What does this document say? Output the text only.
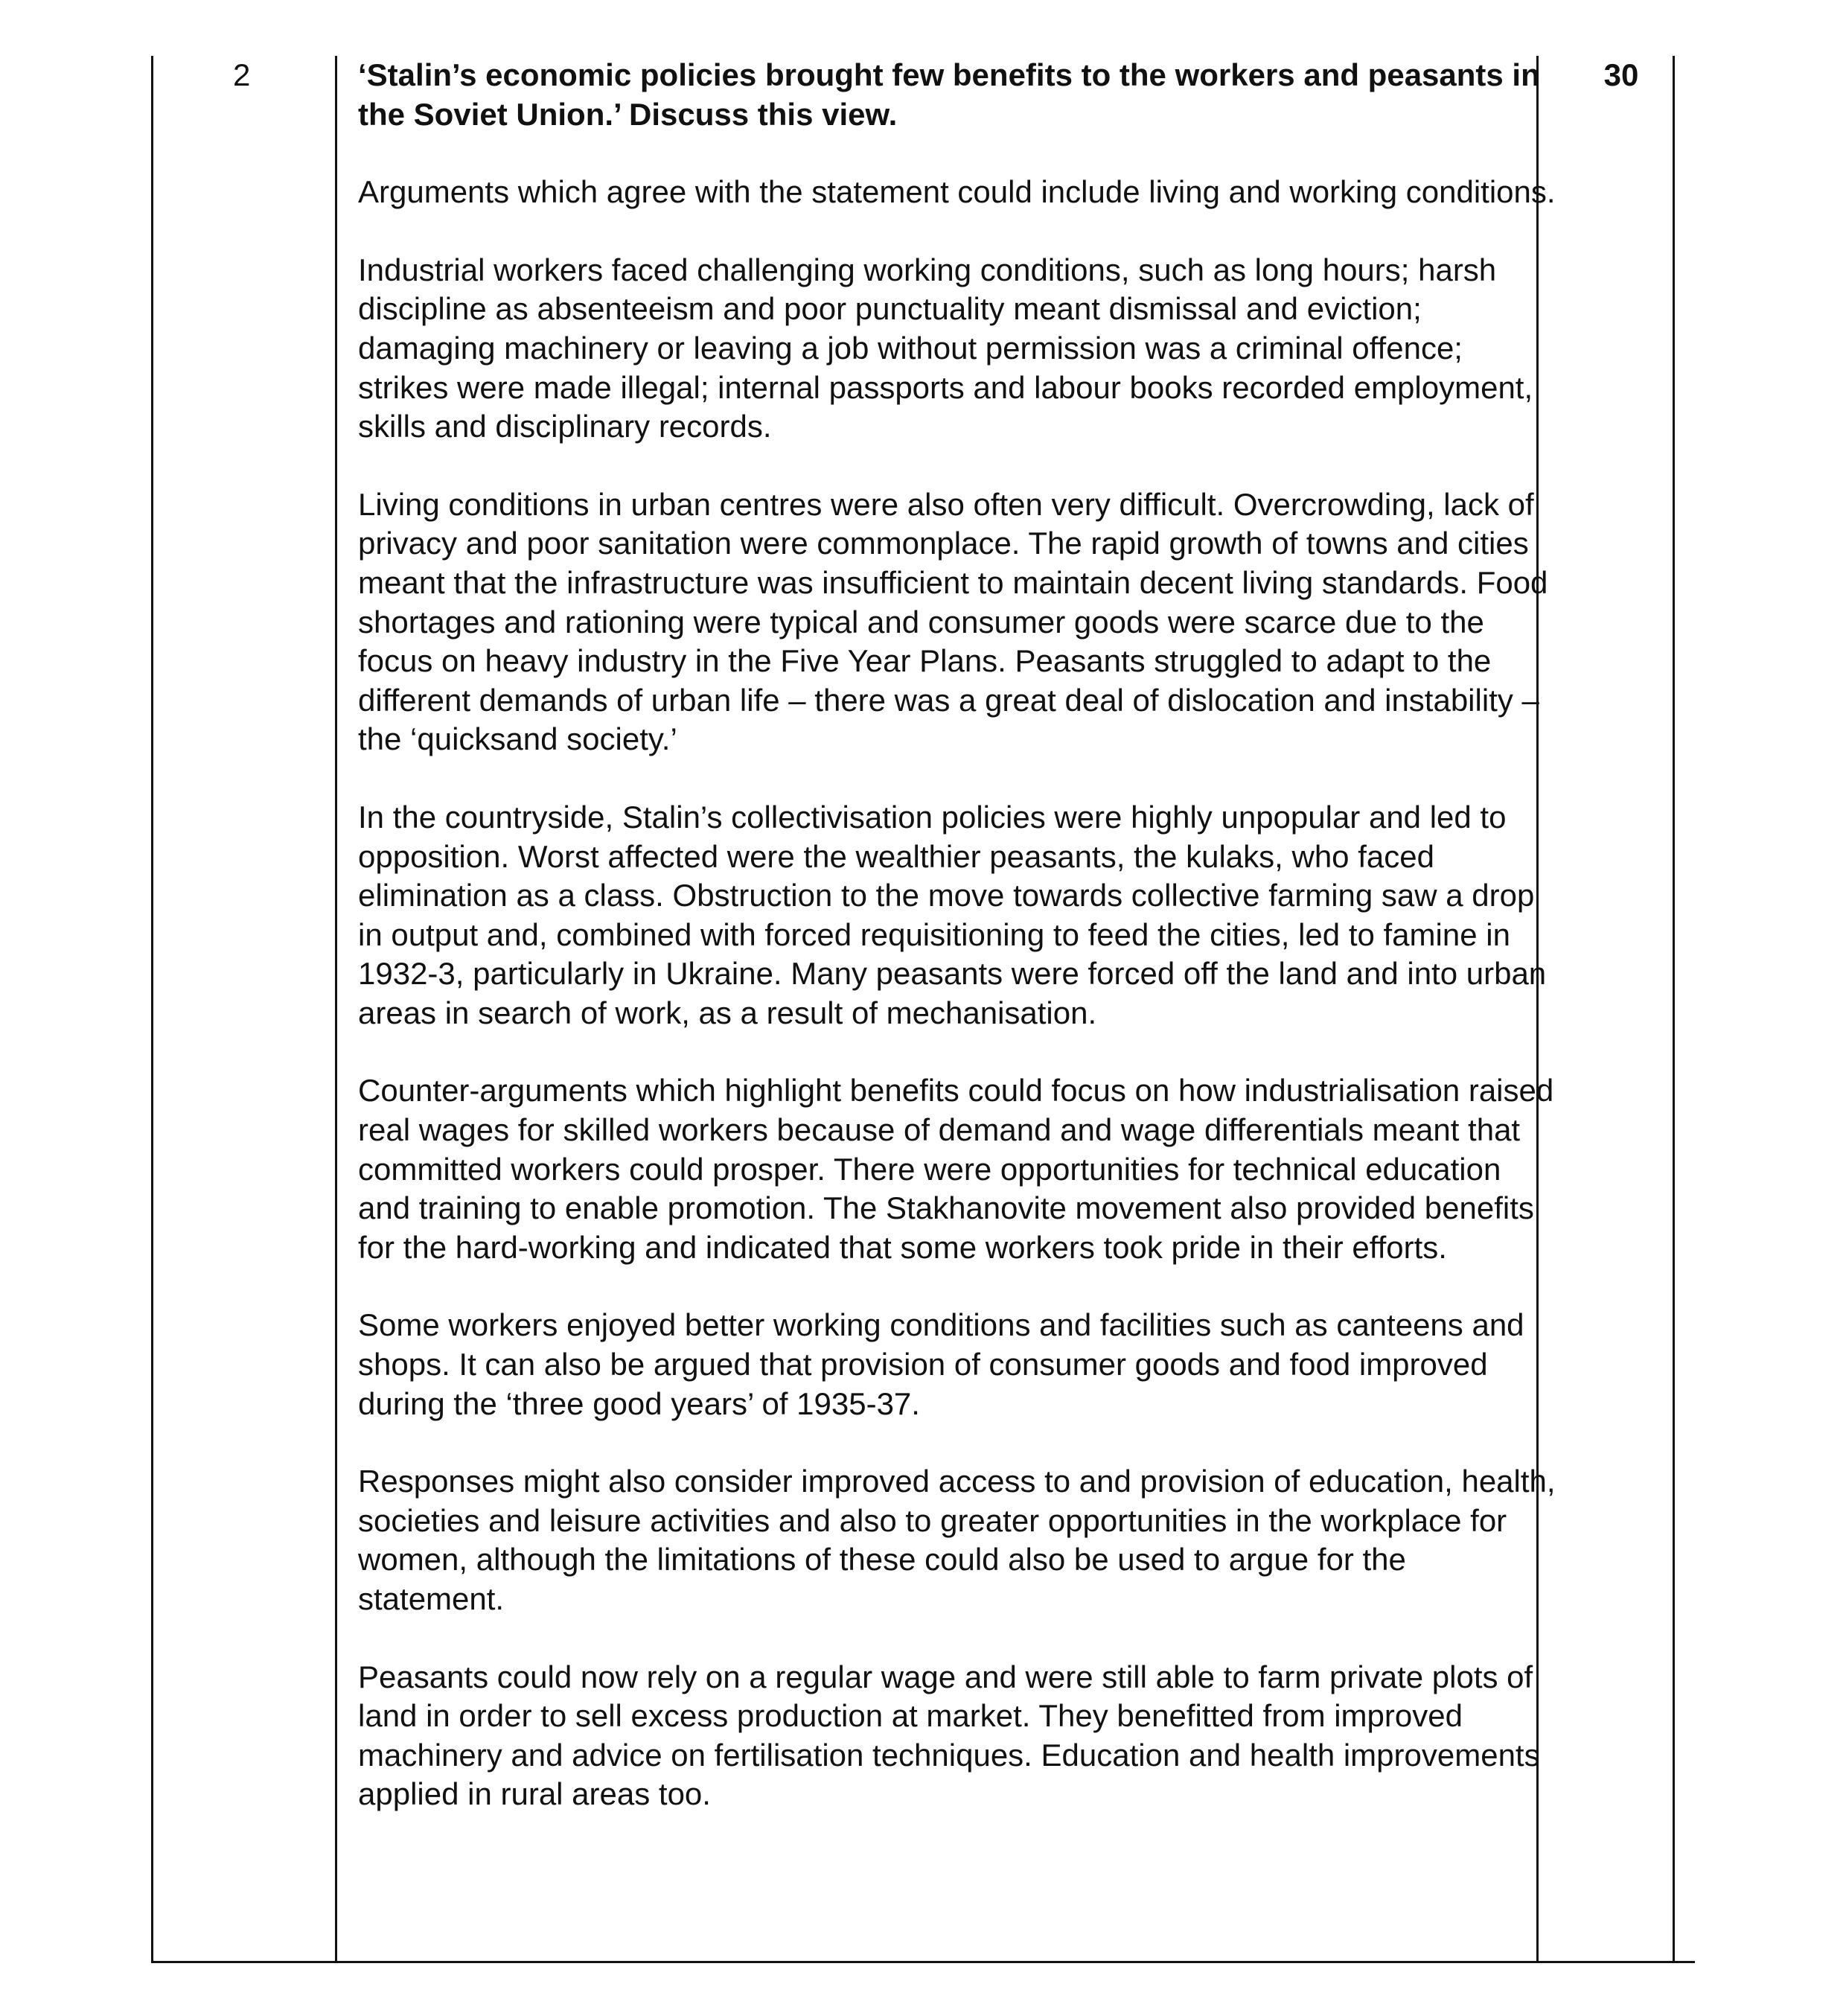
2	‘Stalin’s economic policies brought few benefits to the workers and peasants in the Soviet Union.’ Discuss this view.

Arguments which agree with the statement could include living and working conditions.

Industrial workers faced challenging working conditions, such as long hours; harsh discipline as absenteeism and poor punctuality meant dismissal and eviction; damaging machinery or leaving a job without permission was a criminal offence; strikes were made illegal; internal passports and labour books recorded employment, skills and disciplinary records.

Living conditions in urban centres were also often very difficult. Overcrowding, lack of privacy and poor sanitation were commonplace. The rapid growth of towns and cities meant that the infrastructure was insufficient to maintain decent living standards. Food shortages and rationing were typical and consumer goods were scarce due to the focus on heavy industry in the Five Year Plans. Peasants struggled to adapt to the different demands of urban life – there was a great deal of dislocation and instability – the ‘quicksand society.’

In the countryside, Stalin’s collectivisation policies were highly unpopular and led to opposition. Worst affected were the wealthier peasants, the kulaks, who faced elimination as a class. Obstruction to the move towards collective farming saw a drop in output and, combined with forced requisitioning to feed the cities, led to famine in 1932-3, particularly in Ukraine. Many peasants were forced off the land and into urban areas in search of work, as a result of mechanisation.

Counter-arguments which highlight benefits could focus on how industrialisation raised real wages for skilled workers because of demand and wage differentials meant that committed workers could prosper. There were opportunities for technical education and training to enable promotion. The Stakhanovite movement also provided benefits for the hard-working and indicated that some workers took pride in their efforts.

Some workers enjoyed better working conditions and facilities such as canteens and shops. It can also be argued that provision of consumer goods and food improved during the ‘three good years’ of 1935-37.

Responses might also consider improved access to and provision of education, health, societies and leisure activities and also to greater opportunities in the workplace for women, although the limitations of these could also be used to argue for the statement.

Peasants could now rely on a regular wage and were still able to farm private plots of land in order to sell excess production at market. They benefitted from improved machinery and advice on fertilisation techniques. Education and health improvements applied in rural areas too.

30
